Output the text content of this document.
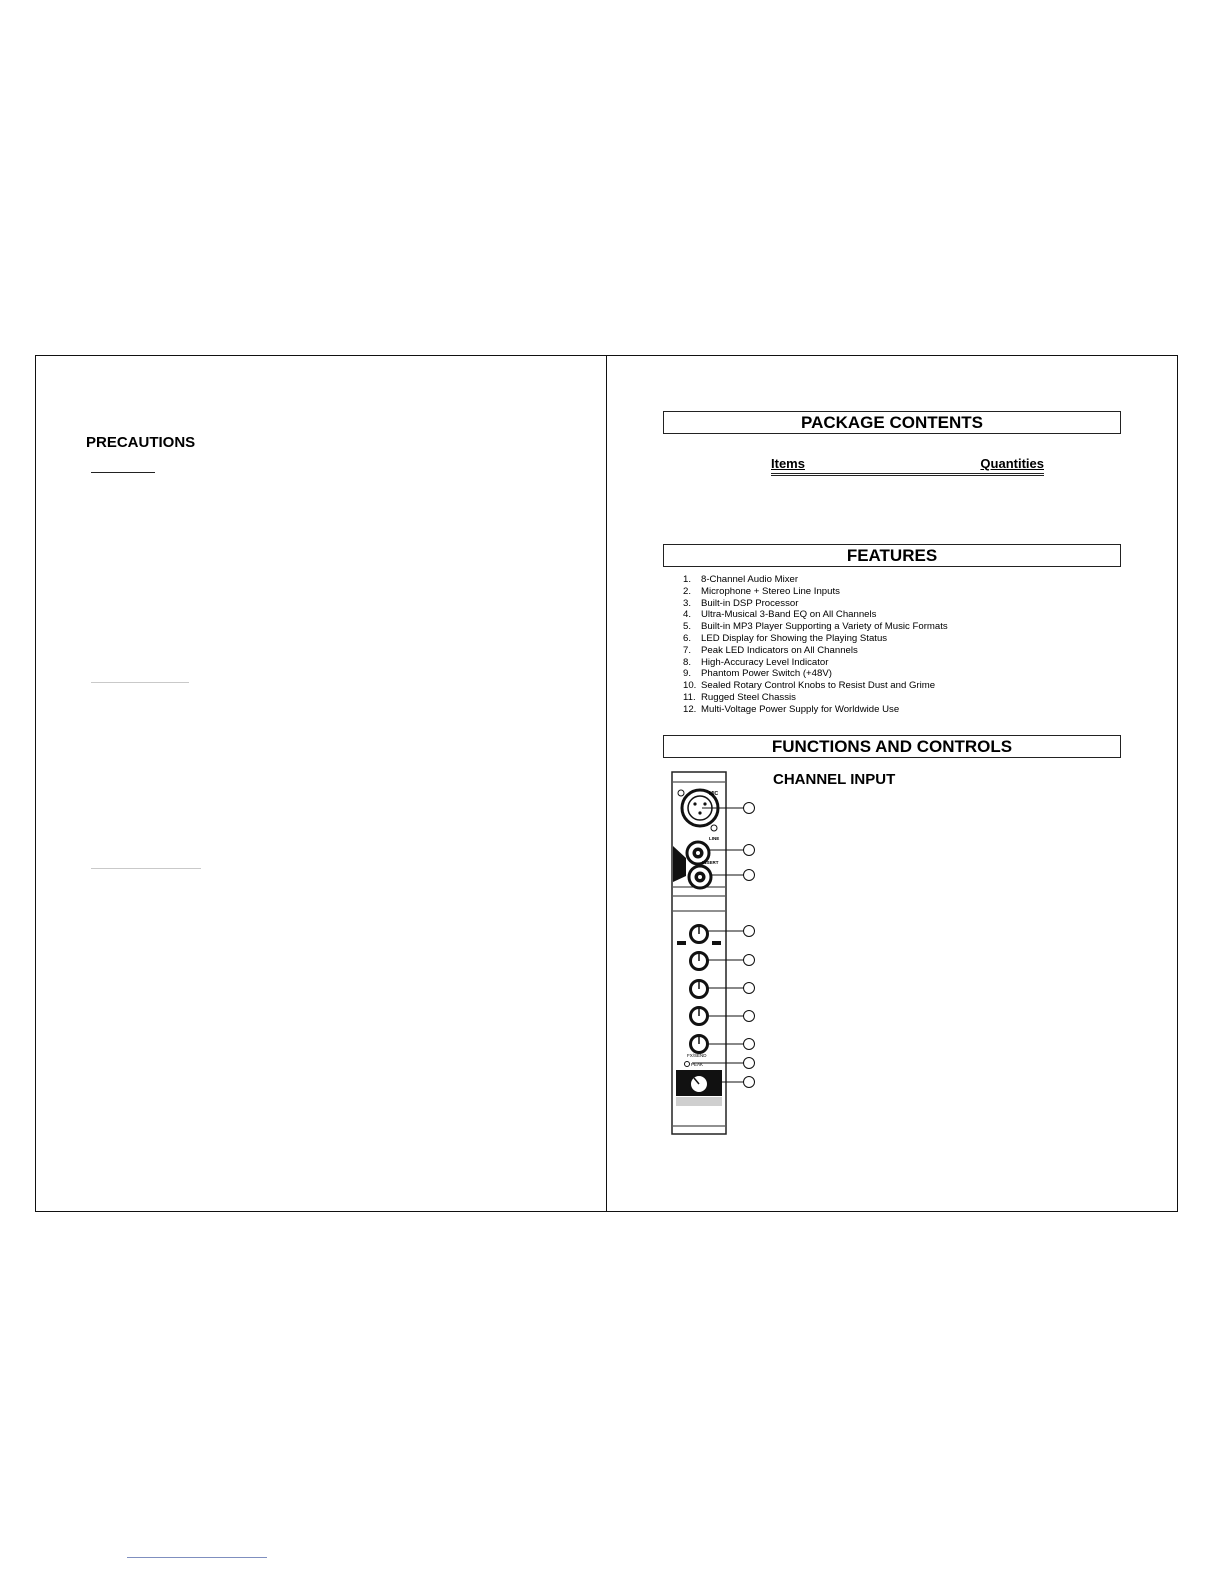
PRECAUTIONS
PACKAGE CONTENTS
Items	Quantities
FEATURES
1.	8-Channel Audio Mixer
2.	Microphone + Stereo Line Inputs
3.	Built-in DSP Processor
4.	Ultra-Musical 3-Band EQ on All Channels
5.	Built-in MP3 Player Supporting a Variety of Music Formats
6.	LED Display for Showing the Playing Status
7.	Peak LED Indicators on All Channels
8.	High-Accuracy Level Indicator
9.	Phantom Power Switch (+48V)
10. Sealed Rotary Control Knobs to Resist Dust and Grime
11. Rugged Steel Chassis
12. Multi-Voltage Power Supply for Worldwide Use
FUNCTIONS AND CONTROLS
CHANNEL INPUT
MIC
LINE
INSERT
FX/SEND
PEAK
